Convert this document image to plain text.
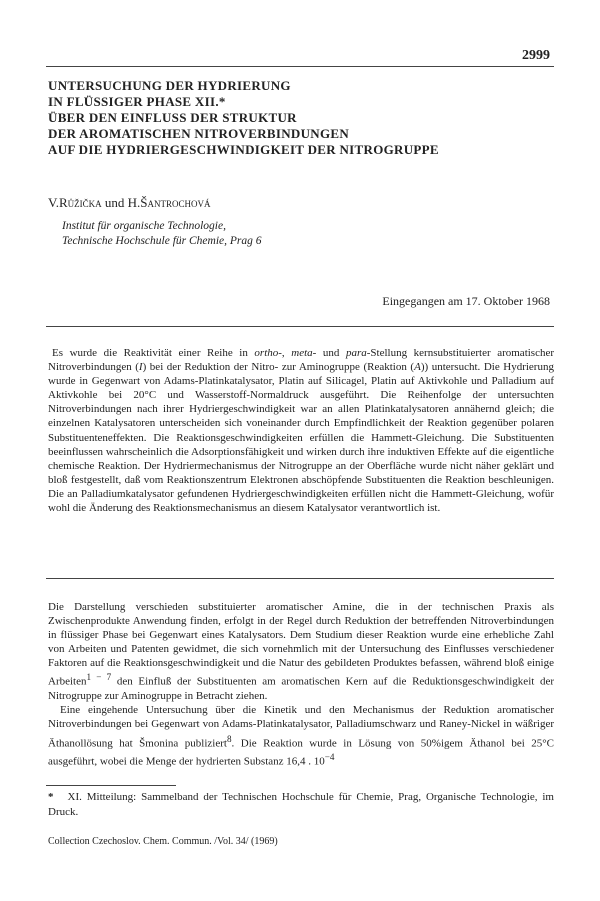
2999
UNTERSUCHUNG DER HYDRIERUNG
IN FLÜSSIGER PHASE XII.*
ÜBER DEN EINFLUSS DER STRUKTUR
DER AROMATISCHEN NITROVERBINDUNGEN
AUF DIE HYDRIERGESCHWINDIGKEIT DER NITROGRUPPE
V.Růžička und H.Šantrochová
Institut für organische Technologie,
Technische Hochschule für Chemie, Prag 6
Eingegangen am 17. Oktober 1968
Es wurde die Reaktivität einer Reihe in ortho-, meta- und para-Stellung kernsubstituierter aromatischer Nitroverbindungen (I) bei der Reduktion der Nitro- zur Aminogruppe (Reaktion (A)) untersucht. Die Hydrierung wurde in Gegenwart von Adams-Platinkatalysator, Platin auf Silicagel, Platin auf Aktivkohle und Palladium auf Aktivkohle bei 20°C und Wasserstoff-Normaldruck ausgeführt. Die Reihenfolge der untersuchten Nitroverbindungen nach ihrer Hydriergeschwindigkeit war an allen Platinkatalysatoren annähernd gleich; die einzelnen Katalysatoren unterscheiden sich voneinander durch Empfindlichkeit der Reaktion gegenüber polaren Substituenteneffekten. Die Reaktionsgeschwindigkeiten erfüllen die Hammett-Gleichung. Die Substituenten beeinflussen wahrscheinlich die Adsorptionsfähigkeit und wirken durch ihre induktiven Effekte auf die eigentliche chemische Reaktion. Der Hydriermechanismus der Nitrogruppe an der Oberfläche wurde nicht näher geklärt und bloß festgestellt, daß vom Reaktionszentrum Elektronen abschöpfende Substituenten die Reaktion beschleunigen. Die an Palladiumkatalysator gefundenen Hydriergeschwindigkeiten erfüllen nicht die Hammett-Gleichung, wofür wohl die Änderung des Reaktionsmechanismus an diesem Katalysator verantwortlich ist.

Die Darstellung verschieden substituierter aromatischer Amine, die in der technischen Praxis als Zwischenprodukte Anwendung finden, erfolgt in der Regel durch Reduktion der betreffenden Nitroverbindungen in flüssiger Phase bei Gegenwart eines Katalysators. Dem Studium dieser Reaktion wurde eine erhebliche Zahl von Arbeiten und Patenten gewidmet, die sich vornehmlich mit der Untersuchung des Einflusses verschiedener Faktoren auf die Reaktionsgeschwindigkeit und die Natur des gebildeten Produktes befassen, während bloß einige Arbeiten$^{1 - 7}$ den Einfluß der Substituenten am aromatischen Kern auf die Reduktionsgeschwindigkeit der Nitrogruppe zur Aminogruppe in Betracht ziehen.

Eine eingehende Untersuchung über die Kinetik und den Mechanismus der Reduktion aromatischer Nitroverbindungen bei Gegenwart von Adams-Platinkatalysator, Palladiumschwarz und Raney-Nickel in wäßriger Äthanollösung hat Šmonina publiziert$^8$. Die Reaktion wurde in Lösung von 50%igem Äthanol bei 25°C ausgeführt, wobei die Menge der hydrierten Substanz 16,4 . $10^{-4}$

* XI. Mitteilung: Sammelband der Technischen Hochschule für Chemie, Prag, Organische Technologie, im Druck.
Collection Czechoslov. Chem. Commun. /Vol. 34/ (1969)
